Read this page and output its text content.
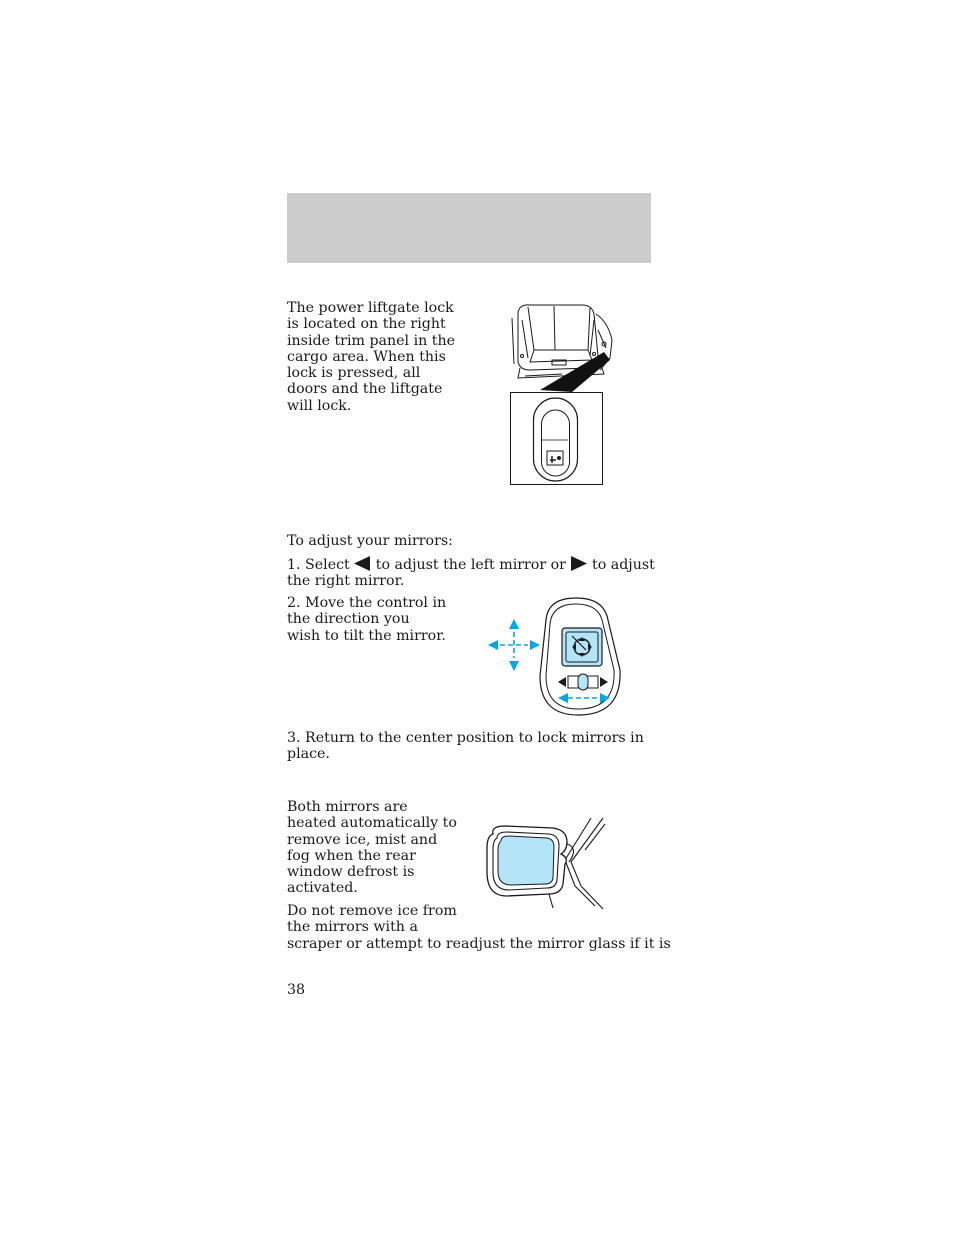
The power liftgate lock is located on the right inside trim panel in the cargo area. When this lock is pressed, all doors and the liftgate will lock.

To adjust your mirrors:

1. Select to adjust the left mirror or to adjust the right mirror.

2. Move the control in the direction you wish to tilt the mirror.

3. Return to the center position to lock mirrors in place.

Both mirrors are heated automatically to remove ice, mist and fog when the rear window defrost is activated.

Do not remove ice from the mirrors with a

scraper or attempt to readjust the mirror glass if it is

38
